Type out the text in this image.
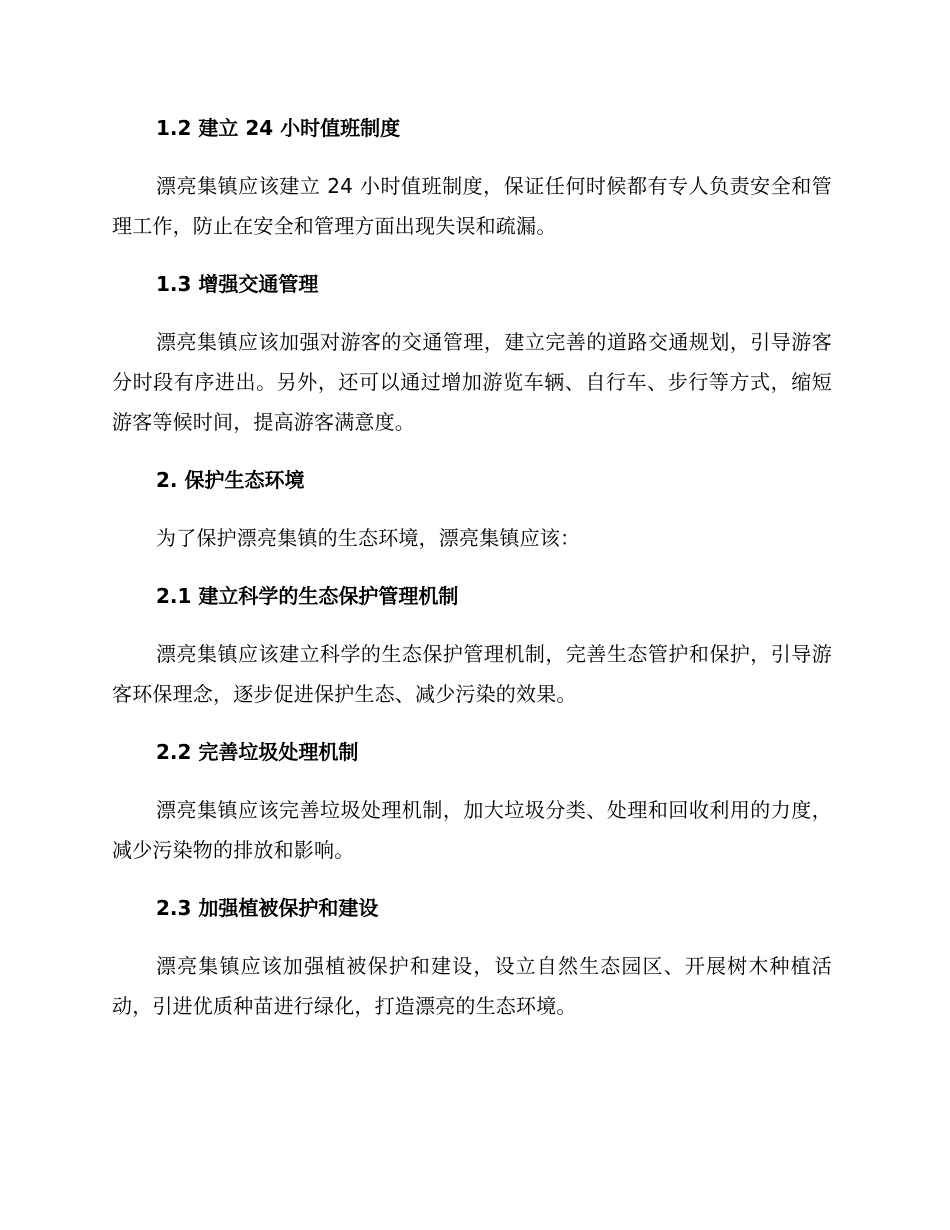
1.2 建立 24 小时值班制度

漂亮集镇应该建立 24 小时值班制度，保证任何时候都有专人负责安全和管理工作，防止在安全和管理方面出现失误和疏漏。

1.3 增强交通管理

漂亮集镇应该加强对游客的交通管理，建立完善的道路交通规划，引导游客分时段有序进出。另外，还可以通过增加游览车辆、自行车、步行等方式，缩短游客等候时间，提高游客满意度。

2. 保护生态环境

为了保护漂亮集镇的生态环境，漂亮集镇应该：

2.1 建立科学的生态保护管理机制

漂亮集镇应该建立科学的生态保护管理机制，完善生态管护和保护，引导游客环保理念，逐步促进保护生态、减少污染的效果。

2.2 完善垃圾处理机制

漂亮集镇应该完善垃圾处理机制，加大垃圾分类、处理和回收利用的力度，减少污染物的排放和影响。

2.3 加强植被保护和建设

漂亮集镇应该加强植被保护和建设，设立自然生态园区、开展树木种植活动，引进优质种苗进行绿化，打造漂亮的生态环境。
